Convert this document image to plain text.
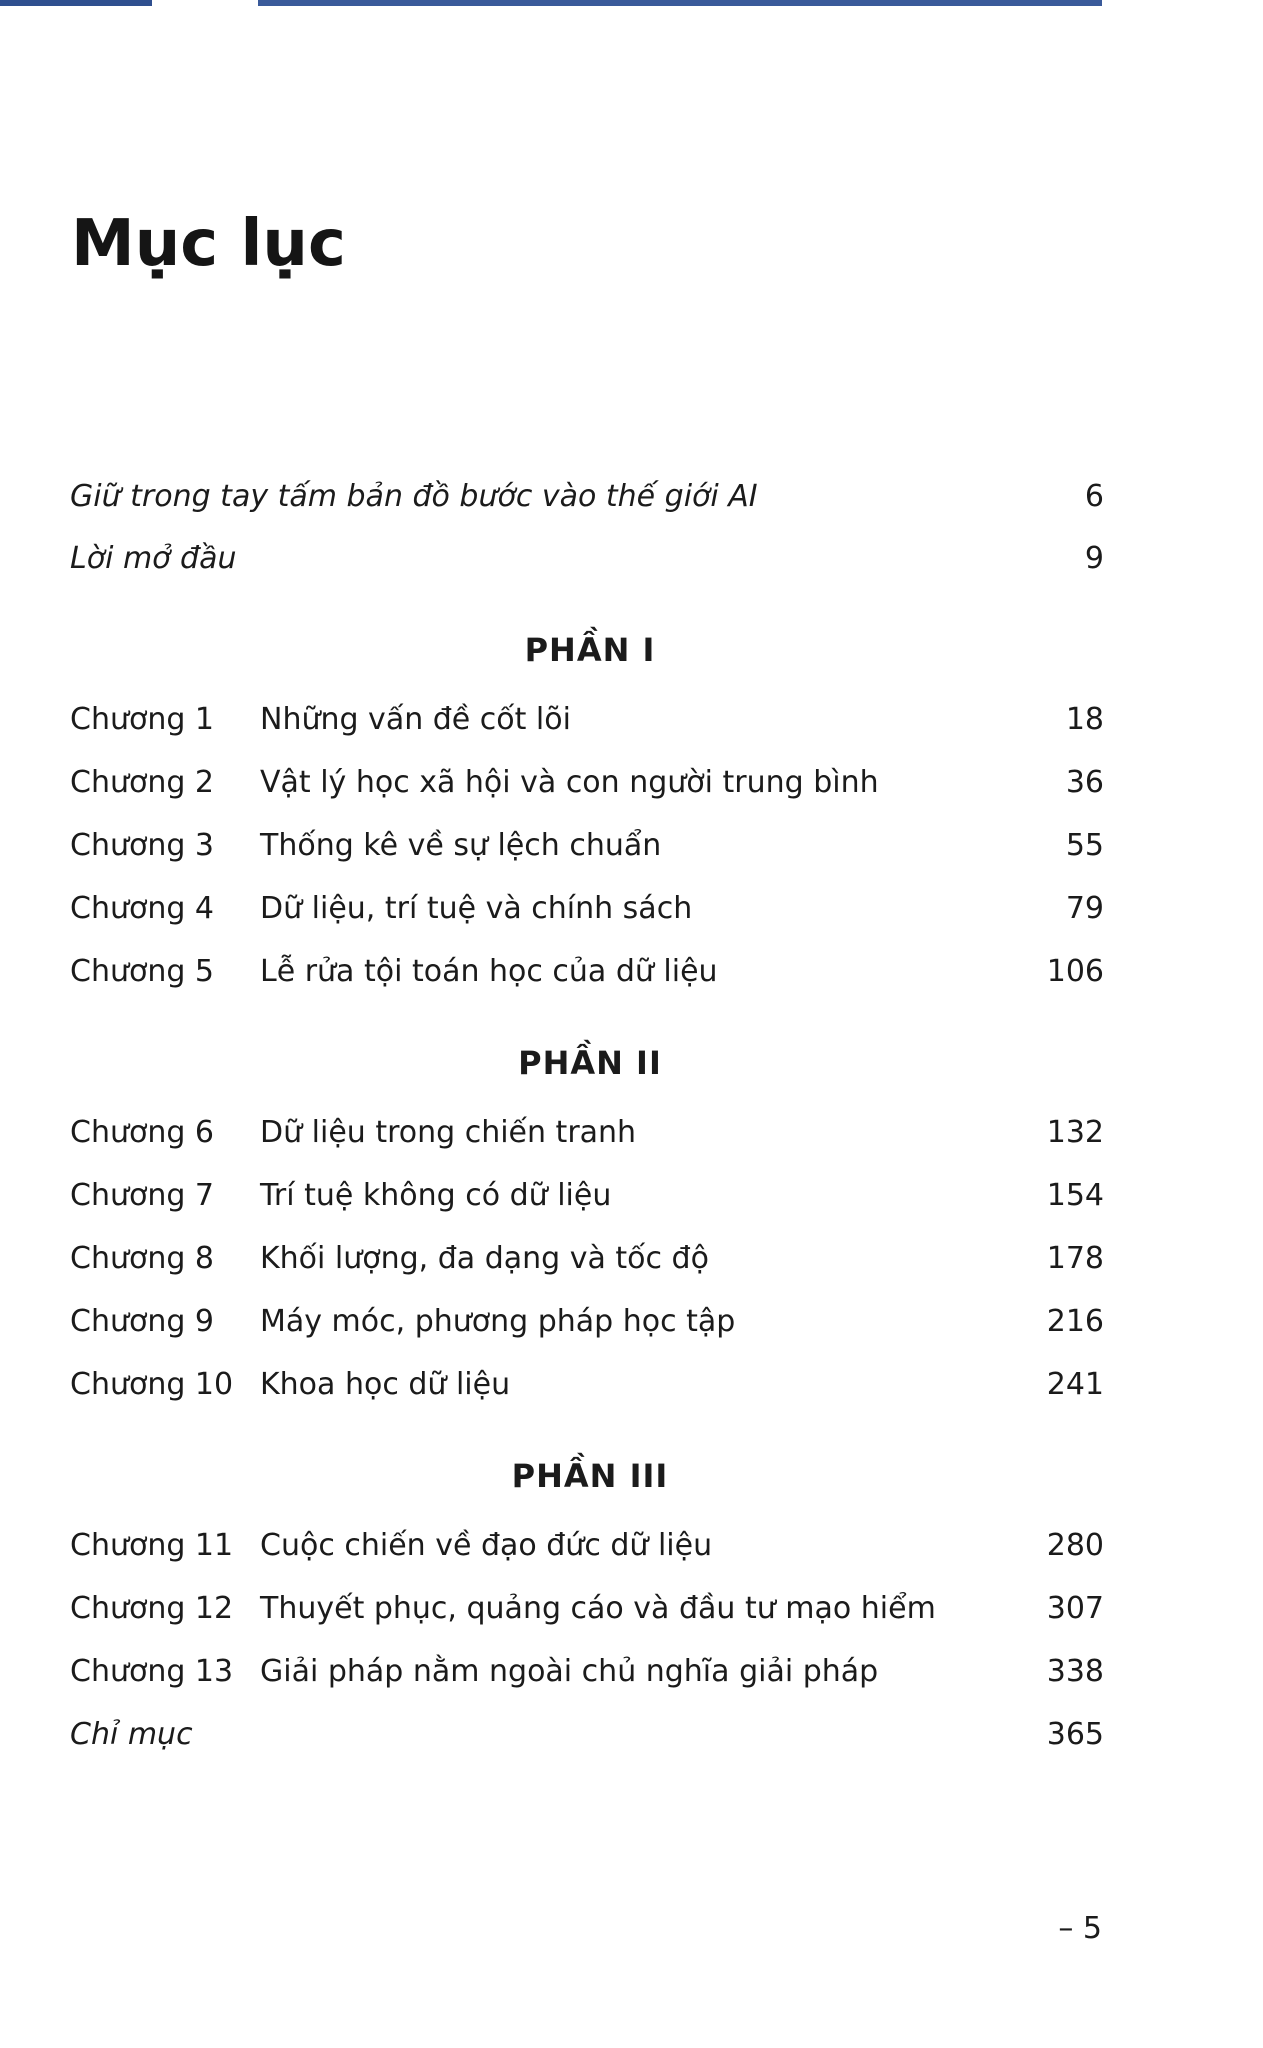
Mục lục
Giữ trong tay tấm bản đồ bước vào thế giới AI	6
Lời mở đầu	9
PHẦN I
Chương 1 Những vấn đề cốt lõi	18
Chương 2 Vật lý học xã hội và con người trung bình	36
Chương 3 Thống kê về sự lệch chuẩn	55
Chương 4 Dữ liệu, trí tuệ và chính sách	79
Chương 5 Lễ rửa tội toán học của dữ liệu	106
PHẦN II
Chương 6 Dữ liệu trong chiến tranh	132
Chương 7 Trí tuệ không có dữ liệu	154
Chương 8 Khối lượng, đa dạng và tốc độ	178
Chương 9 Máy móc, phương pháp học tập	216
Chương 10 Khoa học dữ liệu	241
PHẦN III
Chương 11 Cuộc chiến về đạo đức dữ liệu	280
Chương 12 Thuyết phục, quảng cáo và đầu tư mạo hiểm	307
Chương 13 Giải pháp nằm ngoài chủ nghĩa giải pháp	338
Chỉ mục	365
– 5
